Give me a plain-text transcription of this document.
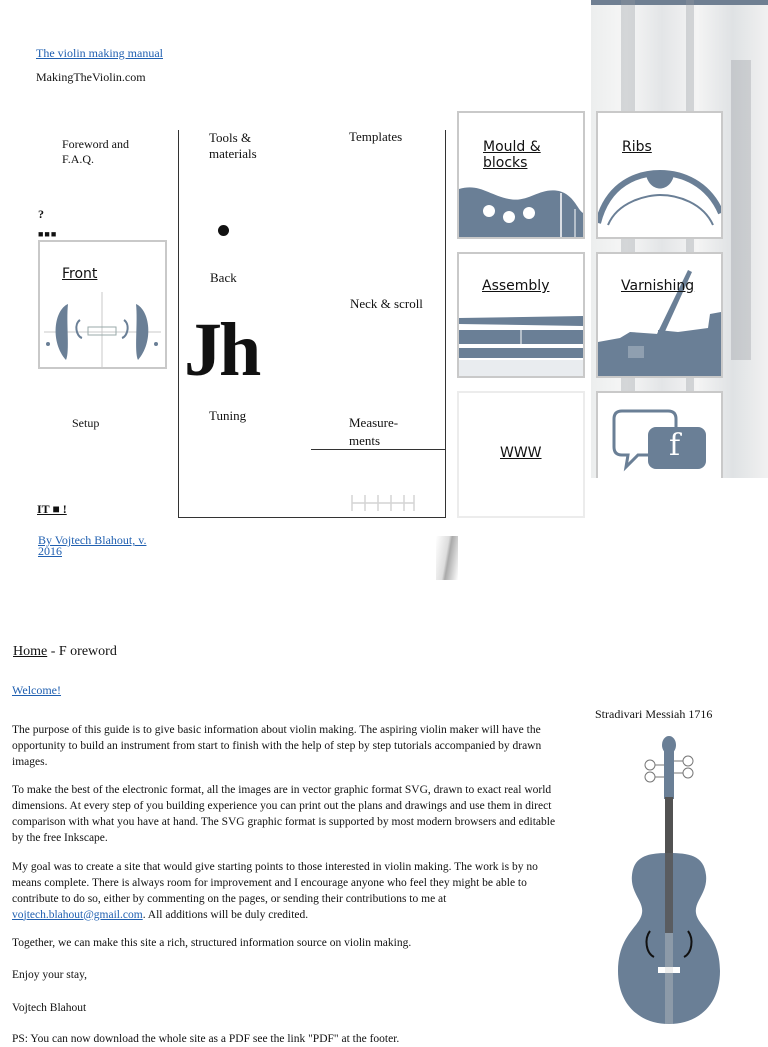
The violin making manual
MakingTheViolin.com
Foreword and F.A.Q.
?
■■■
Front
Setup
Tools & materials
Templates
Back
Jh
Neck & scroll
Tuning	Measure-ments
IT ■ !
By Vojtech Blahout, v. 2016
Mould & blocks
Ribs
Assembly	Varnishing
WWW	f
Home - F oreword
Welcome!

The purpose of this guide is to give basic information about violin making. The aspiring violin maker will have the opportunity to build an instrument from start to finish with the help of step by step tutorials accompanied by drawn images.

To make the best of the electronic format, all the images are in vector graphic format SVG, drawn to exact real world dimensions. At every step of you building experience you can print out the plans and drawings and use them in direct comparison with what you have at hand. The SVG graphic format is supported by most modern browsers and editable by the free Inkscape.

My goal was to create a site that would give starting points to those interested in violin making. The work is by no means complete. There is always room for improvement and I encourage anyone who feel they might be able to contribute to do so, either by commenting on the pages, or sending their contributions to me at vojtech.blahout@gmail.com. All additions will be duly credited.

Together, we can make this site a rich, structured information source on violin making.

Enjoy your stay,

Vojtech Blahout

PS: You can now download the whole site as a PDF see the link "PDF" at the footer.

Stradivari Messiah 1716
